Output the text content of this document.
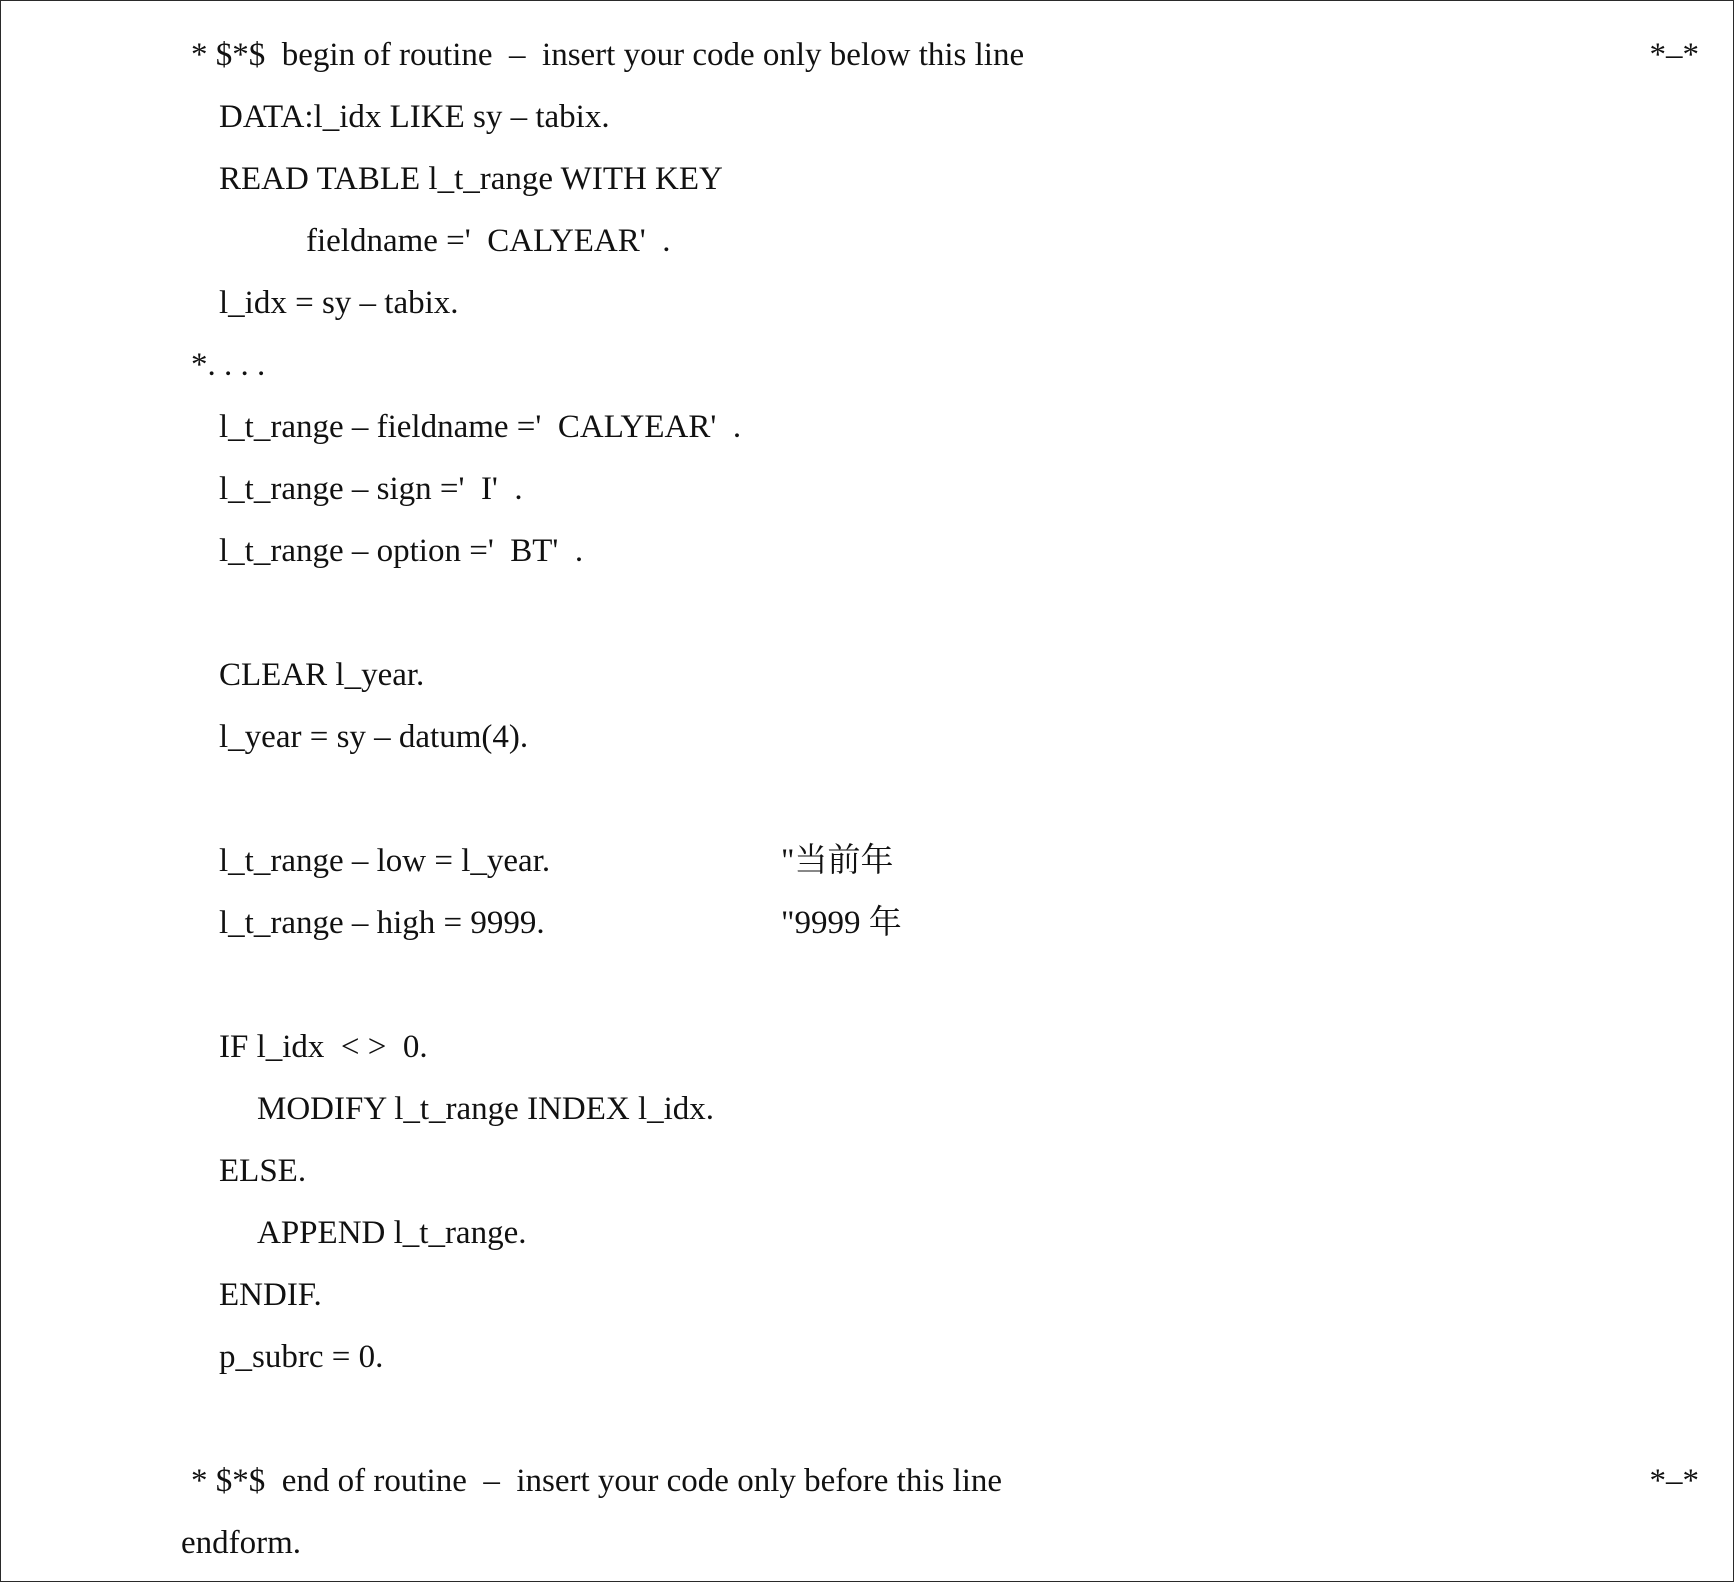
* $*$  begin of routine  –  insert your code only below this line	*–*
DATA:l_idx LIKE sy – tabix.
READ TABLE l_t_range WITH KEY
fieldname ='  CALYEAR'  .
l_idx = sy – tabix.
*. . . .
l_t_range – fieldname ='  CALYEAR'  .
l_t_range – sign ='  I'  .
l_t_range – option ='  BT'  .
CLEAR l_year.
l_year = sy – datum(4).
l_t_range – low = l_year.	"当前年
l_t_range – high = 9999.	"9999 年
IF l_idx  < >  0.
MODIFY l_t_range INDEX l_idx.
ELSE.
APPEND l_t_range.
ENDIF.
p_subrc = 0.
* $*$  end of routine  –  insert your code only before this line	*–*
endform.
